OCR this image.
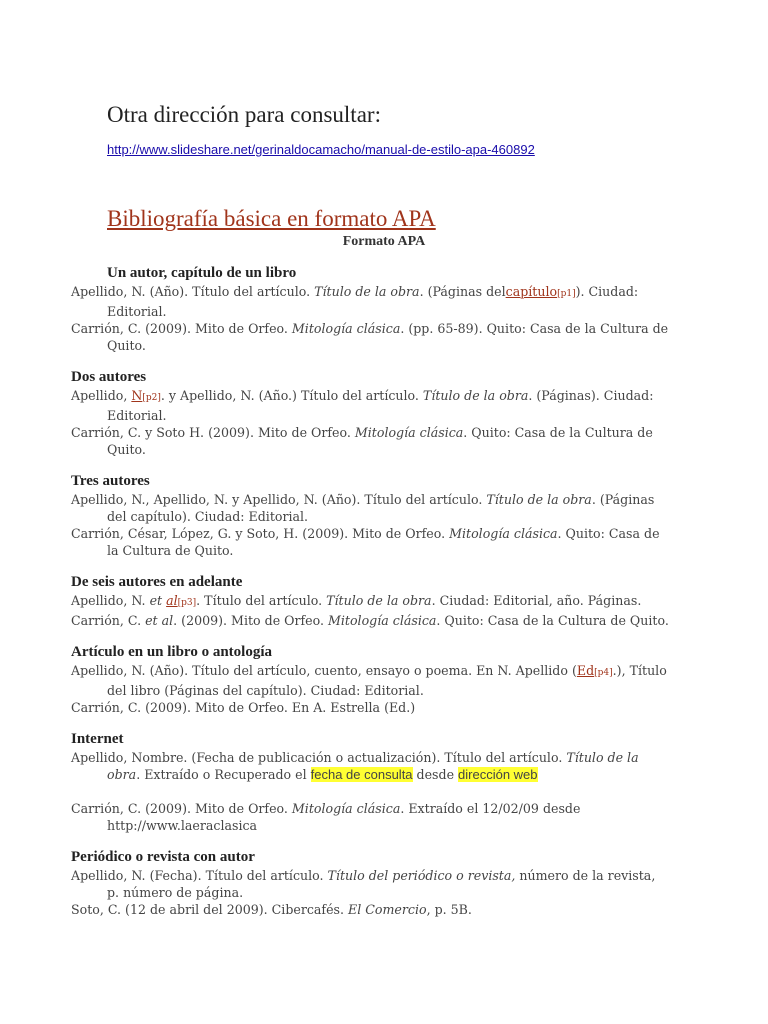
Otra dirección para consultar:
http://www.slideshare.net/gerinaldocamacho/manual-de-estilo-apa-460892
Bibliografía básica en formato APA
Formato APA

Un autor, capítulo de un libro

Apellido, N. (Año). Título del artículo. Título de la obra. (Páginas delcapítulo[p1]). Ciudad: Editorial.

Carrión, C. (2009). Mito de Orfeo. Mitología clásica. (pp. 65-89). Quito: Casa de la Cultura de Quito.

Dos autores

Apellido, N[p2]. y Apellido, N. (Año.) Título del artículo. Título de la obra. (Páginas). Ciudad: Editorial.

Carrión, C. y Soto H. (2009). Mito de Orfeo. Mitología clásica. Quito: Casa de la Cultura de Quito.

Tres autores

Apellido, N., Apellido, N. y Apellido, N. (Año). Título del artículo. Título de la obra. (Páginas del capítulo). Ciudad: Editorial.

Carrión, César, López, G. y Soto, H. (2009). Mito de Orfeo. Mitología clásica. Quito: Casa de la Cultura de Quito.

De seis autores en adelante

Apellido, N. et al[p3]. Título del artículo. Título de la obra. Ciudad: Editorial, año. Páginas.

Carrión, C. et al. (2009). Mito de Orfeo. Mitología clásica. Quito: Casa de la Cultura de Quito.

Artículo en un libro o antología

Apellido, N. (Año). Título del artículo, cuento, ensayo o poema. En N. Apellido (Ed[p4].), Título del libro (Páginas del capítulo). Ciudad: Editorial.

Carrión, C. (2009). Mito de Orfeo. En A. Estrella (Ed.)

Internet

Apellido, Nombre. (Fecha de publicación o actualización). Título del artículo. Título de la obra. Extraído o Recuperado el fecha de consulta desde dirección web

Carrión, C. (2009). Mito de Orfeo. Mitología clásica. Extraído el 12/02/09 desde http://www.laeraclasica

Periódico o revista con autor

Apellido, N. (Fecha). Título del artículo. Título del periódico o revista, número de la revista, p. número de página.

Soto, C. (12 de abril del 2009). Cibercafés. El Comercio, p. 5B.
